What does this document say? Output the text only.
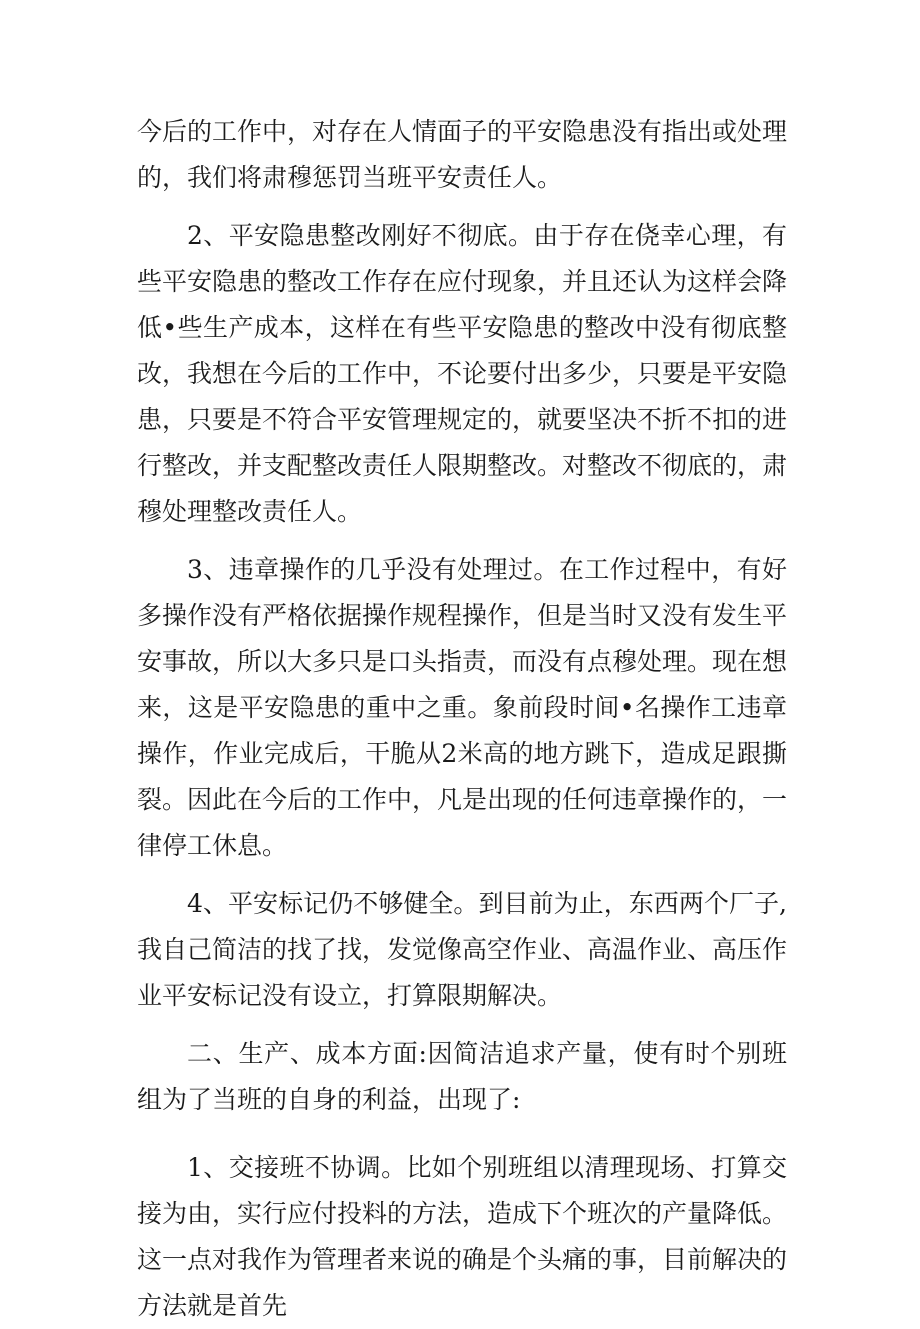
今后的工作中，对存在人情面子的平安隐患没有指出或处理的，我们将肃穆惩罚当班平安责任人。

2、平安隐患整改刚好不彻底。由于存在侥幸心理，有些平安隐患的整改工作存在应付现象，并且还认为这样会降低•些生产成本，这样在有些平安隐患的整改中没有彻底整改，我想在今后的工作中，不论要付出多少，只要是平安隐患，只要是不符合平安管理规定的，就要坚决不折不扣的进行整改，并支配整改责任人限期整改。对整改不彻底的，肃穆处理整改责任人。

3、违章操作的几乎没有处理过。在工作过程中，有好多操作没有严格依据操作规程操作，但是当时又没有发生平安事故，所以大多只是口头指责，而没有点穆处理。现在想来，这是平安隐患的重中之重。象前段时间•名操作工违章操作，作业完成后，干脆从2米高的地方跳下，造成足跟撕裂。因此在今后的工作中，凡是出现的任何违章操作的，一律停工休息。

4、平安标记仍不够健全。到目前为止，东西两个厂子,我自己简洁的找了找，发觉像高空作业、高温作业、高压作业平安标记没有设立，打算限期解决。

二、生产、成本方面:因简洁追求产量，使有时个别班组为了当班的自身的利益，出现了:

1、交接班不协调。比如个别班组以清理现场、打算交接为由，实行应付投料的方法，造成下个班次的产量降低。这一点对我作为管理者来说的确是个头痛的事，目前解决的方法就是首先
